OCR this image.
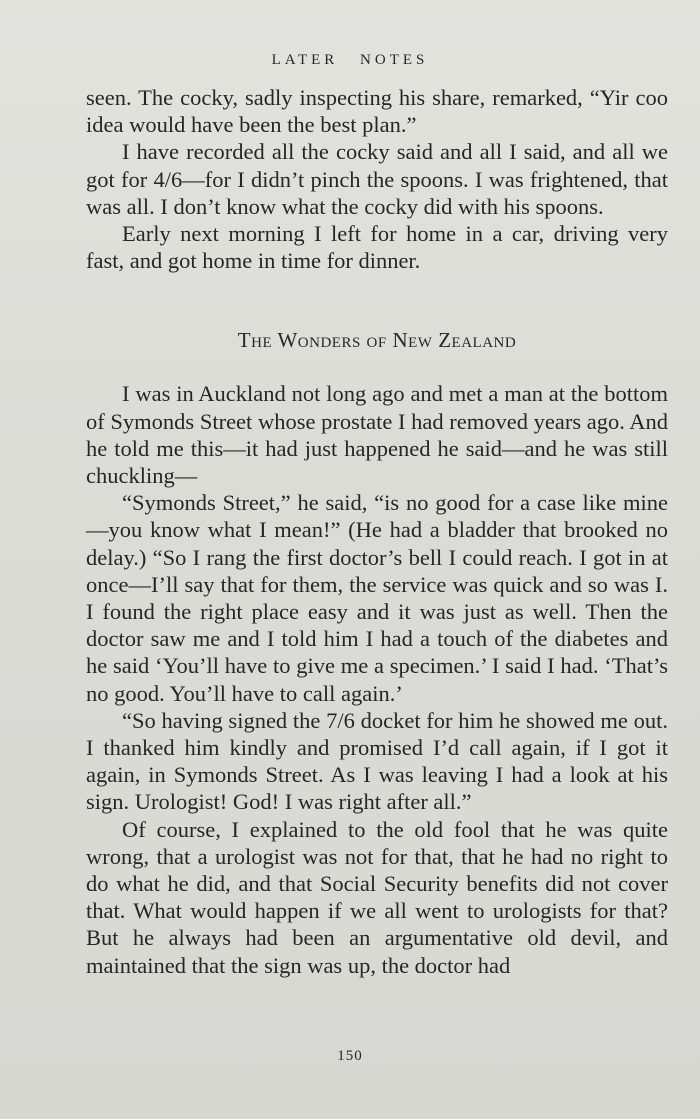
LATER NOTES

seen. The cocky, sadly inspecting his share, remarked, “Yir coo idea would have been the best plan.”

I have recorded all the cocky said and all I said, and all we got for 4/6—for I didn’t pinch the spoons. I was frightened, that was all. I don’t know what the cocky did with his spoons.

Early next morning I left for home in a car, driving very fast, and got home in time for dinner.

The Wonders of New Zealand

I was in Auckland not long ago and met a man at the bottom of Symonds Street whose prostate I had removed years ago. And he told me this—it had just happened he said—and he was still chuckling—

“Symonds Street,” he said, “is no good for a case like mine—you know what I mean!” (He had a bladder that brooked no delay.) “So I rang the first doctor’s bell I could reach. I got in at once—I’ll say that for them, the service was quick and so was I. I found the right place easy and it was just as well. Then the doctor saw me and I told him I had a touch of the diabetes and he said ‘You’ll have to give me a specimen.’ I said I had. ‘That’s no good. You’ll have to call again.’

“So having signed the 7/6 docket for him he showed me out. I thanked him kindly and promised I’d call again, if I got it again, in Symonds Street. As I was leaving I had a look at his sign. Urologist! God! I was right after all.”

Of course, I explained to the old fool that he was quite wrong, that a urologist was not for that, that he had no right to do what he did, and that Social Security benefits did not cover that. What would happen if we all went to urologists for that? But he always had been an argumentative old devil, and maintained that the sign was up, the doctor had

150
